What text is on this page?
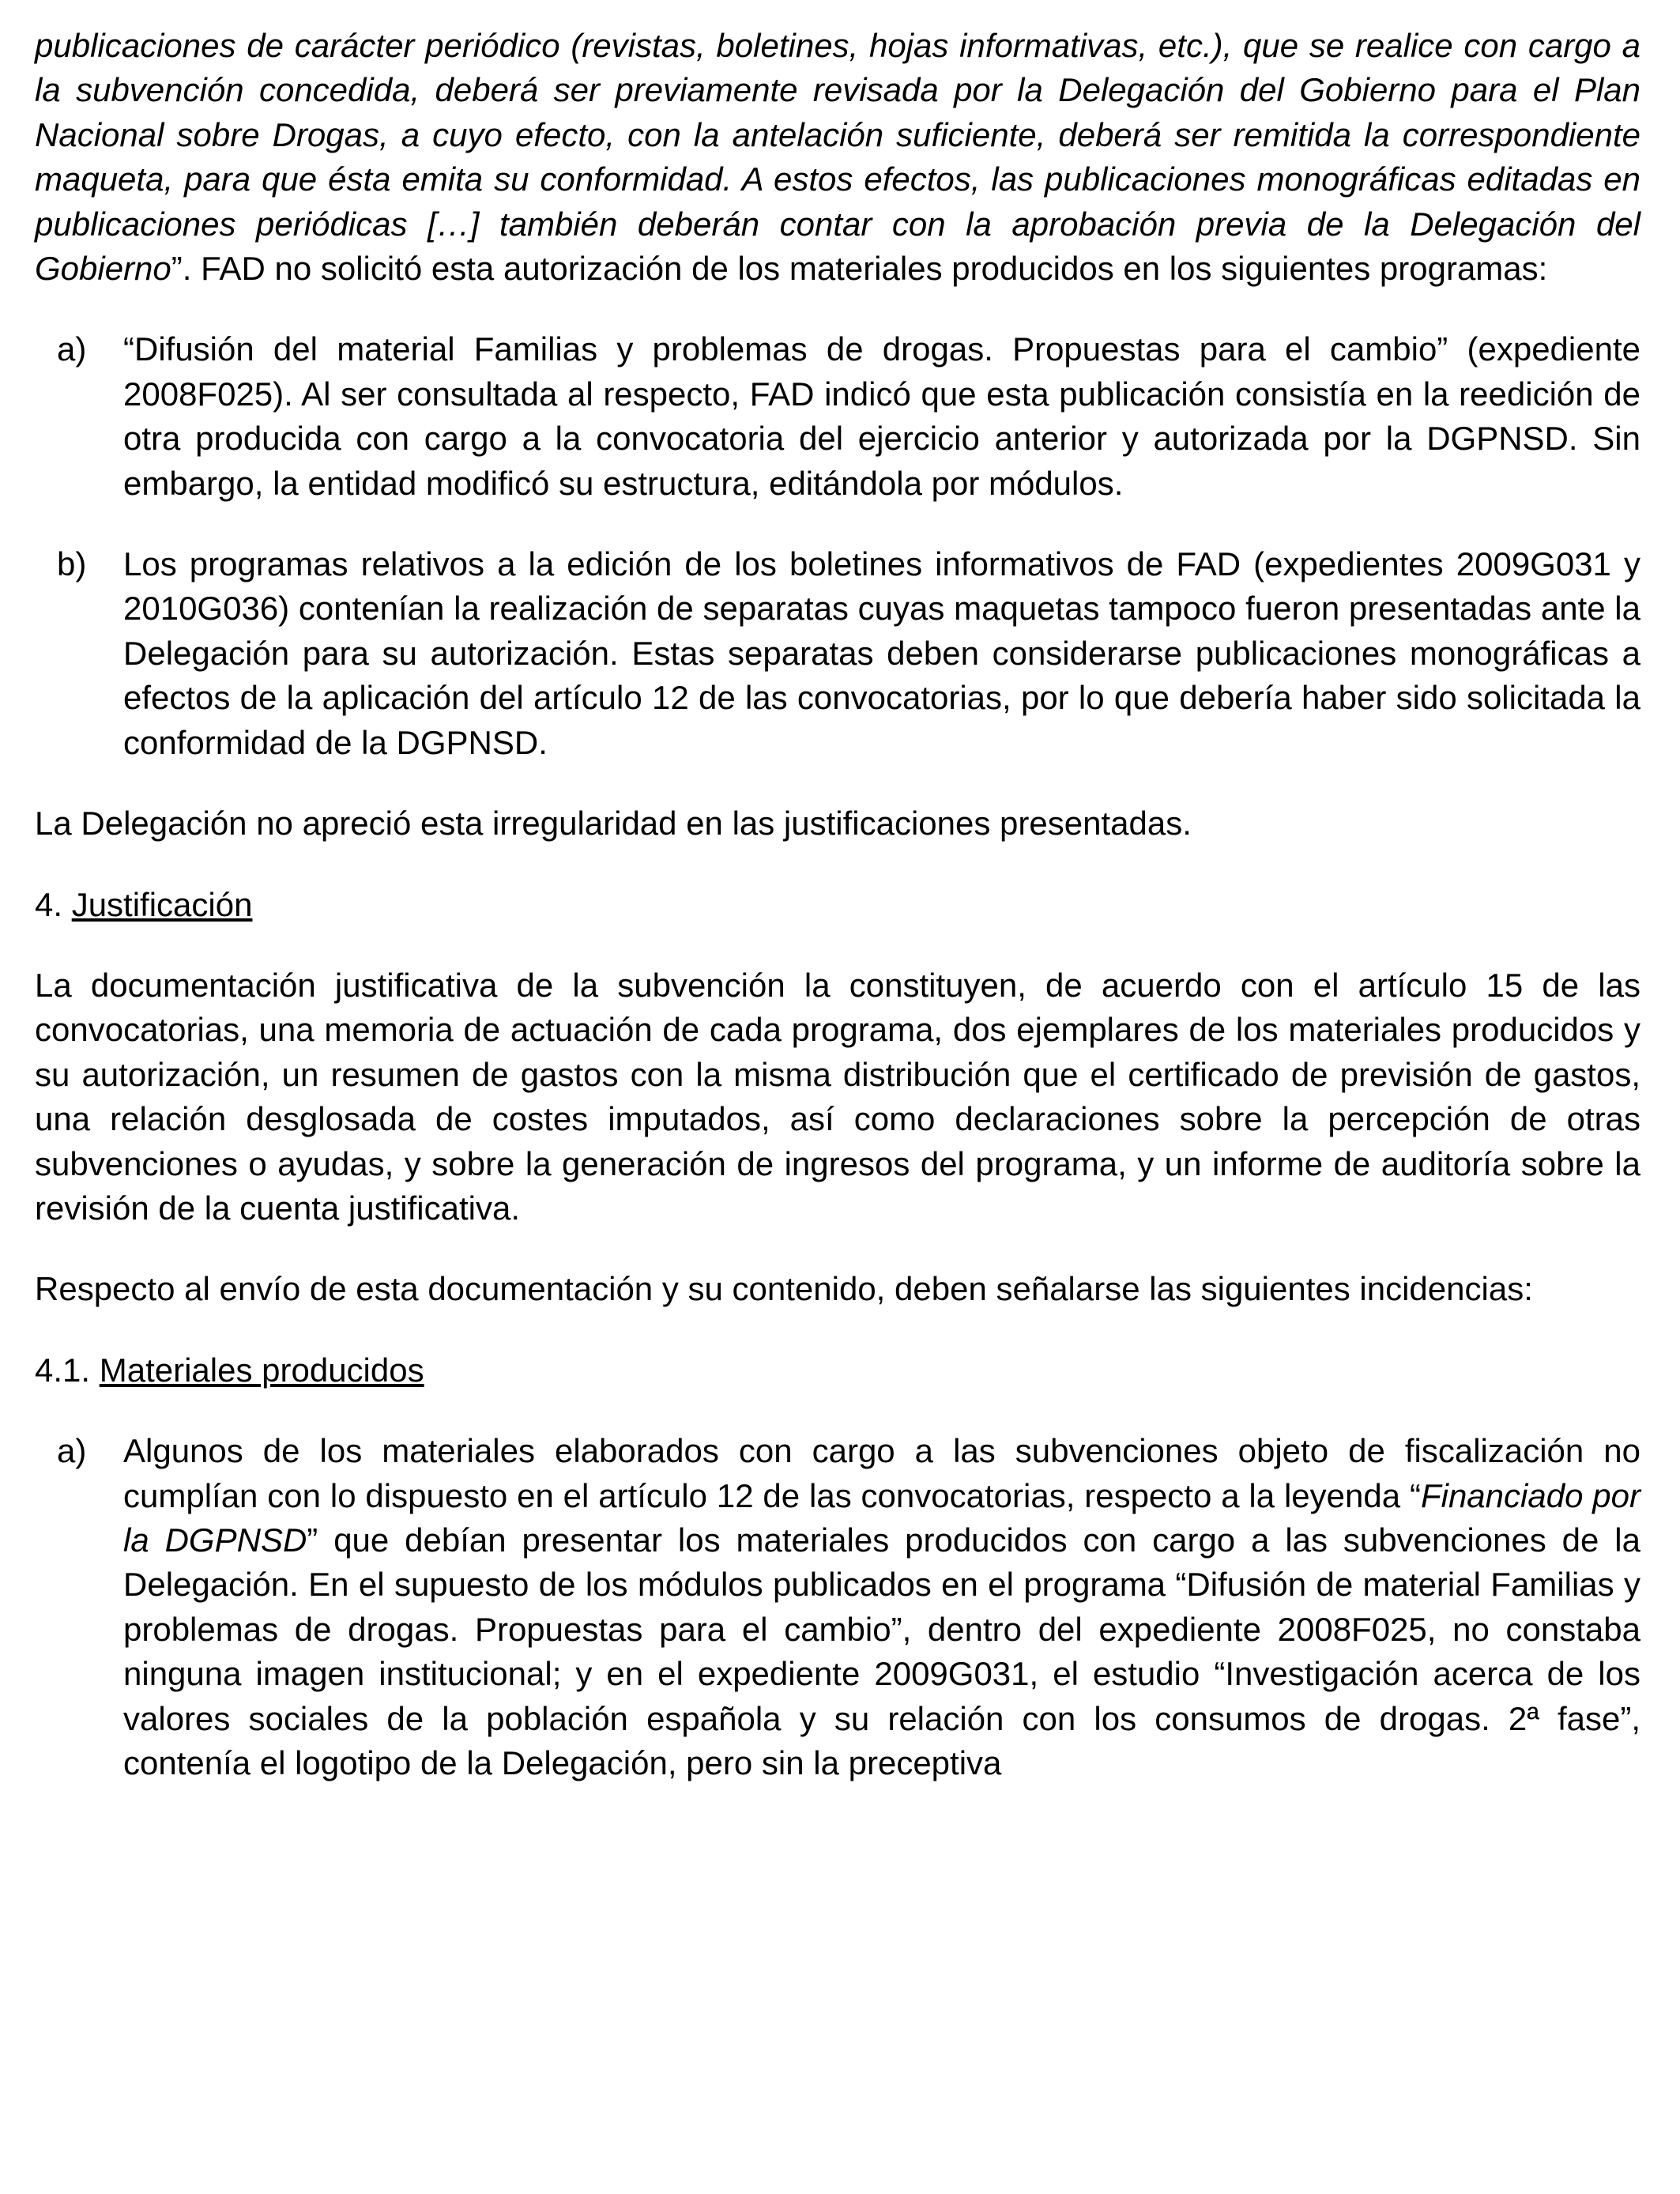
publicaciones de carácter periódico (revistas, boletines, hojas informativas, etc.), que se realice con cargo a la subvención concedida, deberá ser previamente revisada por la Delegación del Gobierno para el Plan Nacional sobre Drogas, a cuyo efecto, con la antelación suficiente, deberá ser remitida la correspondiente maqueta, para que ésta emita su conformidad. A estos efectos, las publicaciones monográficas editadas en publicaciones periódicas […] también deberán contar con la aprobación previa de la Delegación del Gobierno”. FAD no solicitó esta autorización de los materiales producidos en los siguientes programas:

a)	“Difusión del material Familias y problemas de drogas. Propuestas para el cambio” (expediente 2008F025). Al ser consultada al respecto, FAD indicó que esta publicación consistía en la reedición de otra producida con cargo a la convocatoria del ejercicio anterior y autorizada por la DGPNSD. Sin embargo, la entidad modificó su estructura, editándola por módulos.
b)	Los programas relativos a la edición de los boletines informativos de FAD (expedientes 2009G031 y 2010G036) contenían la realización de separatas cuyas maquetas tampoco fueron presentadas ante la Delegación para su autorización. Estas separatas deben considerarse publicaciones monográficas a efectos de la aplicación del artículo 12 de las convocatorias, por lo que debería haber sido solicitada la conformidad de la DGPNSD.

La Delegación no apreció esta irregularidad en las justificaciones presentadas.

4. Justificación

La documentación justificativa de la subvención la constituyen, de acuerdo con el artículo 15 de las convocatorias, una memoria de actuación de cada programa, dos ejemplares de los materiales producidos y su autorización, un resumen de gastos con la misma distribución que el certificado de previsión de gastos, una relación desglosada de costes imputados, así como declaraciones sobre la percepción de otras subvenciones o ayudas, y sobre la generación de ingresos del programa, y un informe de auditoría sobre la revisión de la cuenta justificativa.

Respecto al envío de esta documentación y su contenido, deben señalarse las siguientes incidencias:

4.1. Materiales producidos

a)	Algunos de los materiales elaborados con cargo a las subvenciones objeto de fiscalización no cumplían con lo dispuesto en el artículo 12 de las convocatorias, respecto a la leyenda “Financiado por la DGPNSD” que debían presentar los materiales producidos con cargo a las subvenciones de la Delegación. En el supuesto de los módulos publicados en el programa “Difusión de material Familias y problemas de drogas. Propuestas para el cambio”, dentro del expediente 2008F025, no constaba ninguna imagen institucional; y en el expediente 2009G031, el estudio “Investigación acerca de los valores sociales de la población española y su relación con los consumos de drogas. 2ª fase”, contenía el logotipo de la Delegación, pero sin la preceptiva
